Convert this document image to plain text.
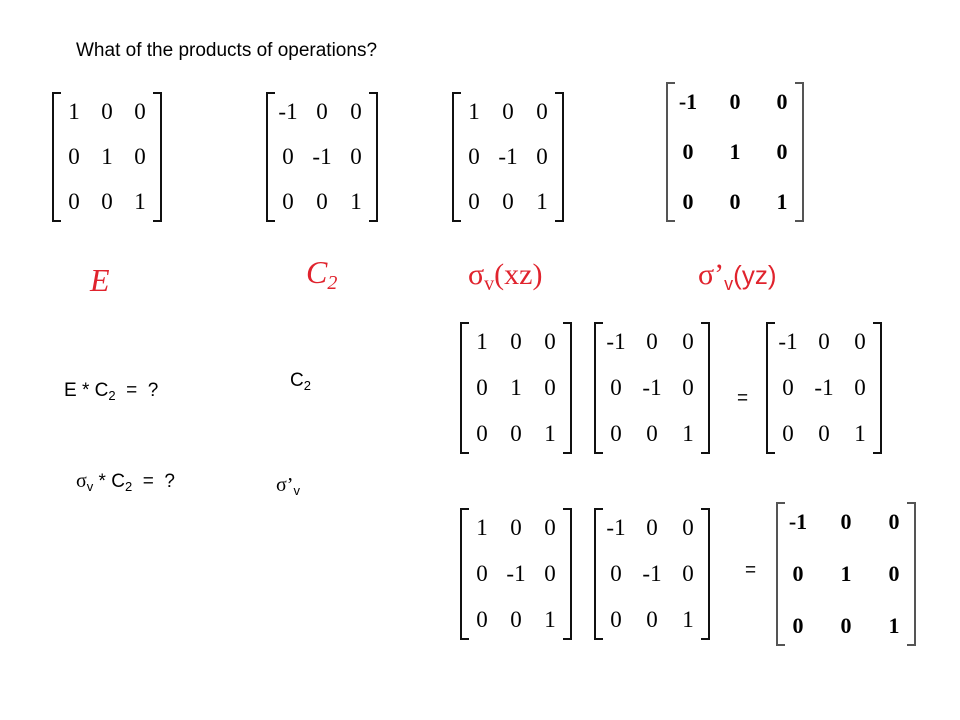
What of the products of operations?
1 0 0
0 1 0
0 0 1
-1 0 0
0 -1 0
0 0 1
1 0 0
0 -1 0
0 0 1
-1	0	0
0	1	0
0	0	1
E	$C_2$	$\sigma_v(xz)$	$\sigma’_v(yz)$
E * $C_2$  =  ?	$C_2$
$\sigma_v * C_2$  =  ?	$\sigma’_v$
1 0 0
0 1 0
0 0 1
-1 0	0
0 -1 0
0	0	1
=
-1 0	0
0 -1 0
0	0	1
1 0 0
0 -1 0
0 0 1
-1 0	0
0 -1 0
0	0	1
=
-1	0	0
0	1	0
0	0	1
